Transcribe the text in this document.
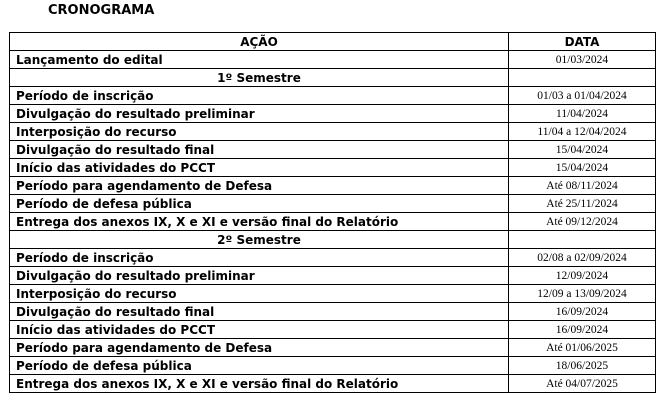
CRONOGRAMA
AÇÃO	DATA
Lançamento do edital	01/03/2024
1º Semestre	
Período de inscrição	01/03 a 01/04/2024
Divulgação do resultado preliminar	11/04/2024
Interposição do recurso	11/04 a 12/04/2024
Divulgação do resultado final	15/04/2024
Início das atividades do PCCT	15/04/2024
Período para agendamento de Defesa	Até 08/11/2024
Período de defesa pública	Até 25/11/2024
Entrega dos anexos IX, X e XI e versão final do Relatório	Até 09/12/2024
2º Semestre	
Período de inscrição	02/08 a 02/09/2024
Divulgação do resultado preliminar	12/09/2024
Interposição do recurso	12/09 a 13/09/2024
Divulgação do resultado final	16/09/2024
Início das atividades do PCCT	16/09/2024
Período para agendamento de Defesa	Até 01/06/2025
Período de defesa pública	18/06/2025
Entrega dos anexos IX, X e XI e versão final do Relatório	Até 04/07/2025
